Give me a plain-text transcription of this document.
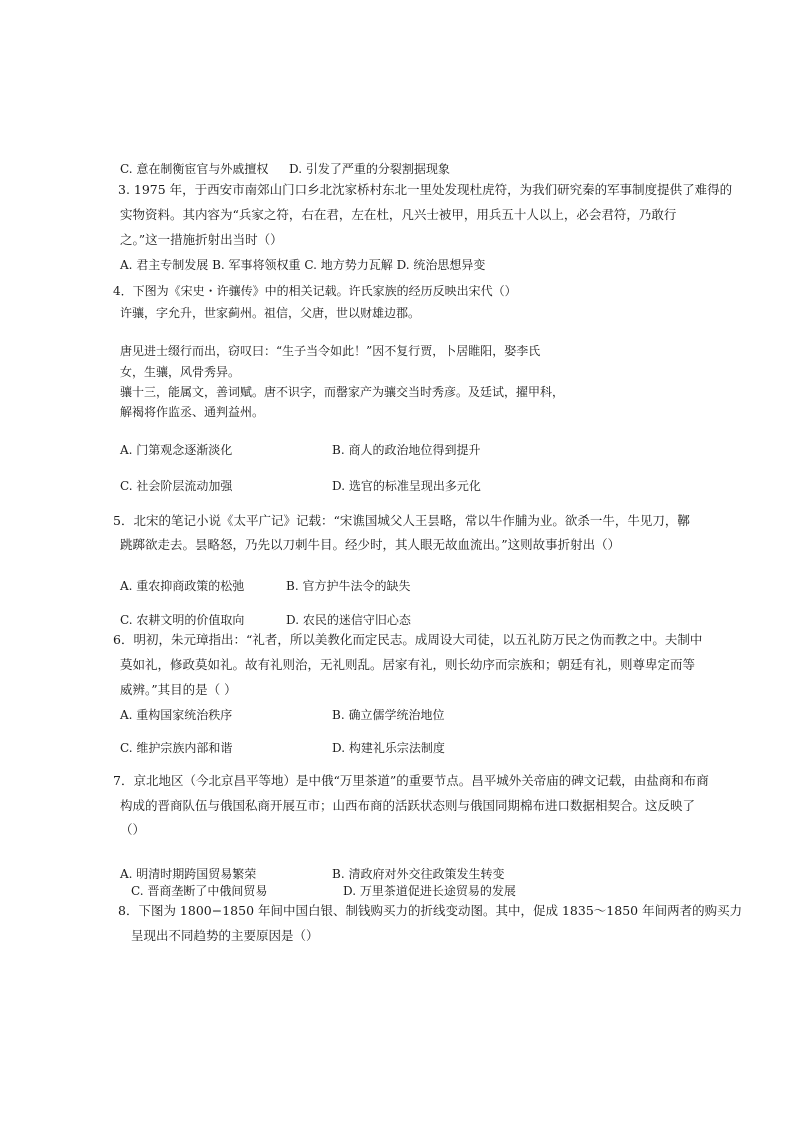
C. 意在制衡宦官与外戚擅权 D. 引发了严重的分裂割据现象
3. 1975 年，于西安市南郊山门口乡北沈家桥村东北一里处发现杜虎符，为我们研究秦的军事制度提供了难得的
实物资料。其内容为“兵家之符，右在君，左在杜，凡兴士被甲，用兵五十人以上，必会君符，乃敢行
之。”这一措施折射出当时（）
A. 君主专制发展 B. 军事将领权重 C. 地方势力瓦解 D. 统治思想异变
4．下图为《宋史・许骧传》中的相关记载。许氏家族的经历反映出宋代（）
许骧，字允升，世家蓟州。祖信，父唐，世以财雄边郡。
唐见进士缀行而出，窃叹曰：“生子当令如此！”因不复行贾，卜居睢阳，娶李氏
女，生骧，风骨秀异。
骧十三，能属文，善词赋。唐不识字，而罄家产为骧交当时秀彦。及廷试，擢甲科，
解褐将作监丞、通判益州。
A. 门第观念逐渐淡化	B. 商人的政治地位得到提升
C. 社会阶层流动加强	D. 选官的标准呈现出多元化
5．北宋的笔记小说《太平广记》记载：“宋谯国城父人王昙略，常以牛作脯为业。欲杀一牛，牛见刀，鞹
跳踯欲走去。昙略怒，乃先以刀刺牛目。经少时，其人眼无故血流出。”这则故事折射出（）
A. 重农抑商政策的松弛	B. 官方护牛法令的缺失
C. 农耕文明的价值取向	D. 农民的迷信守旧心态
6．明初，朱元璋指出：“礼者，所以美教化而定民志。成周设大司徒，以五礼防万民之伪而教之中。夫制中
莫如礼，修政莫如礼。故有礼则治，无礼则乱。居家有礼，则长幼序而宗族和；朝廷有礼，则尊卑定而等
威辨。”其目的是（ ）
A. 重构国家统治秩序	B. 确立儒学统治地位
C. 维护宗族内部和谐	D. 构建礼乐宗法制度
7．京北地区（今北京昌平等地）是中俄“万里茶道”的重要节点。昌平城外关帝庙的碑文记载，由盐商和布商
构成的晋商队伍与俄国私商开展互市；山西布商的活跃状态则与俄国同期棉布进口数据相契合。这反映了
（）
A. 明清时期跨国贸易繁荣	B. 清政府对外交往政策发生转变
C. 晋商垄断了中俄间贸易	D. 万里茶道促进长途贸易的发展
8．下图为 1800−1850 年间中国白银、制钱购买力的折线变动图。其中，促成 1835～1850 年间两者的购买力
呈现出不同趋势的主要原因是（）
